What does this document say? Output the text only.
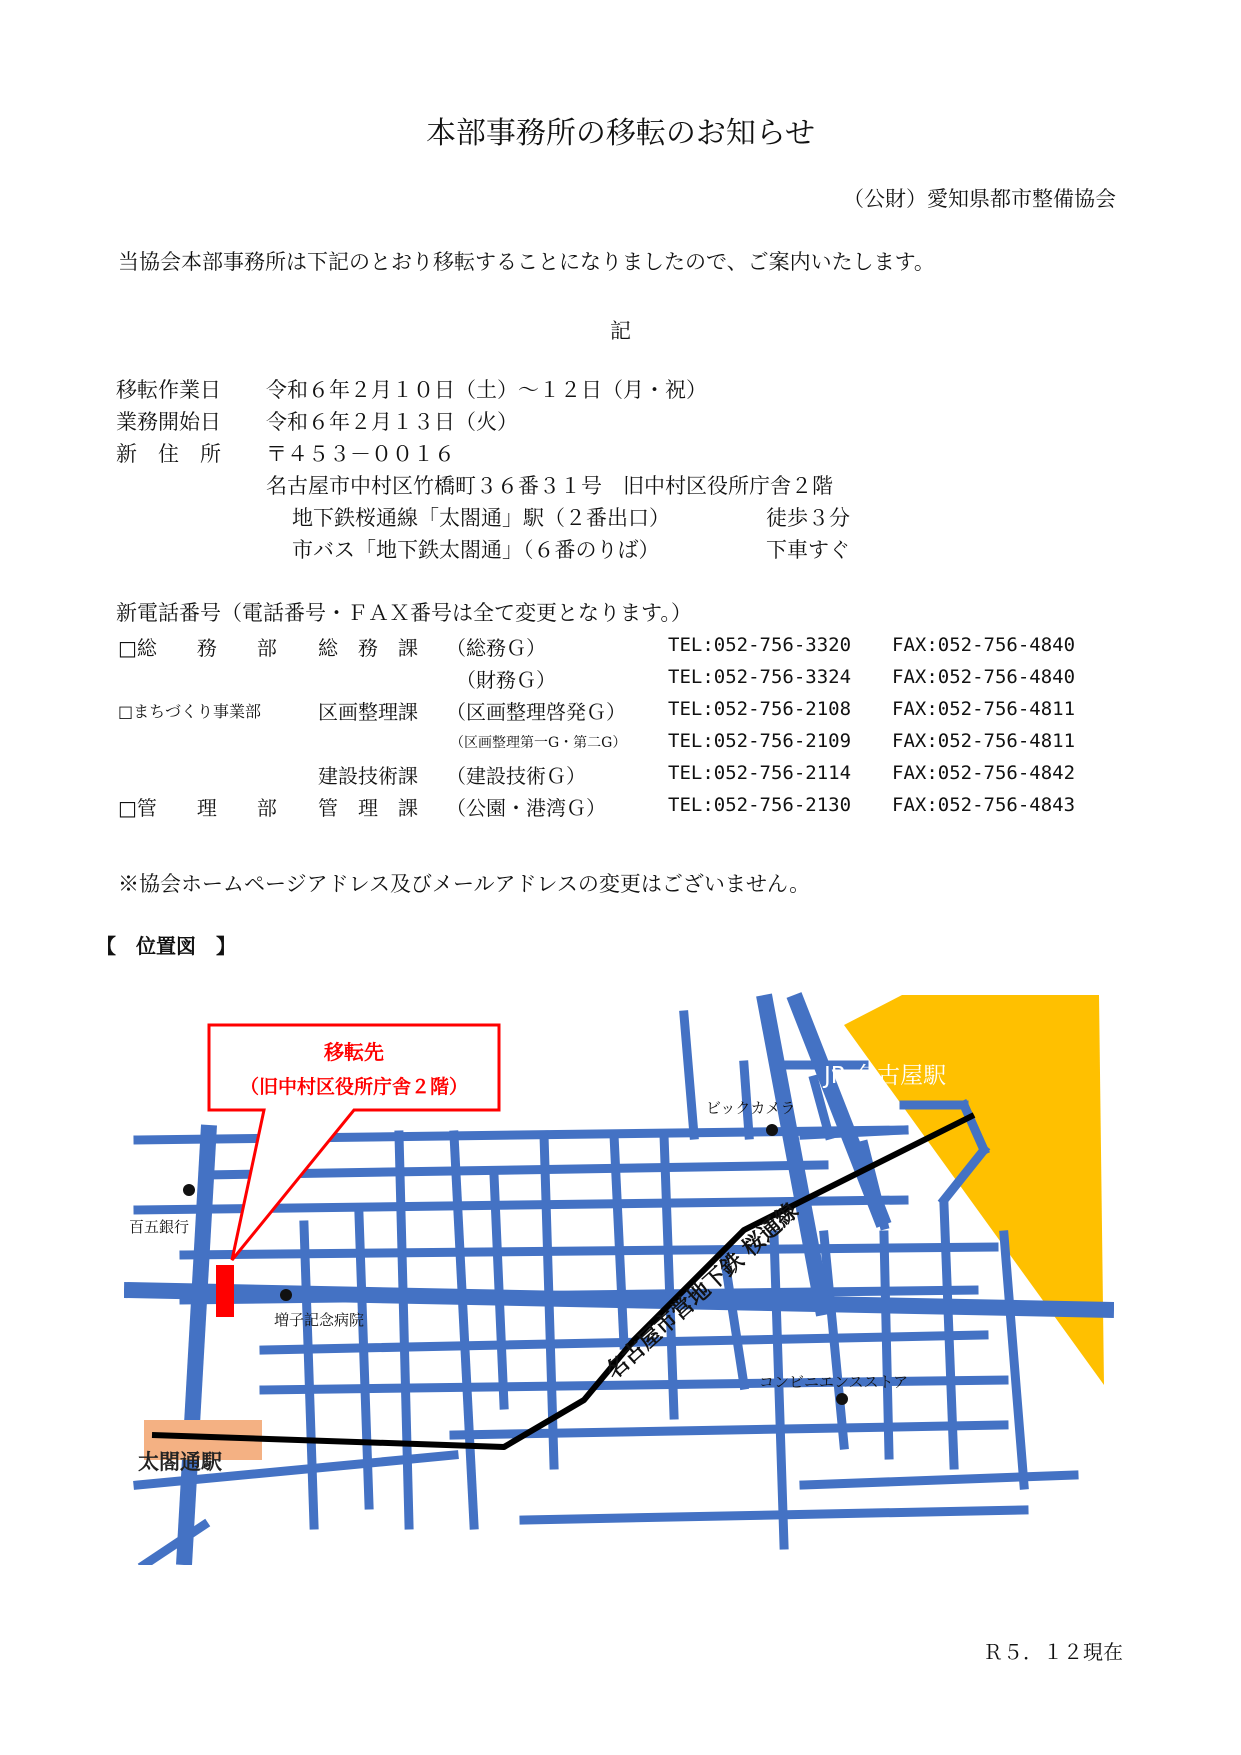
本部事務所の移転のお知らせ
（公財）愛知県都市整備協会
当協会本部事務所は下記のとおり移転することになりましたので、ご案内いたします。
記
移転作業日 令和６年２月１０日（土）～１２日（月・祝）
業務開始日 令和６年２月１３日（火）
新　住　所 〒４５３－００１６
名古屋市中村区竹橋町３６番３１号　旧中村区役所庁舎２階
地下鉄桜通線「太閤通」駅（２番出口）	徒歩３分
市バス「地下鉄太閤通」（６番のりば）	下車すぐ
新電話番号（電話番号・ＦＡＸ番号は全て変更となります。）
□総　　務　　部 総　務　課 （総務Ｇ）	TEL:052-756-3320 FAX:052-756-4840
（財務Ｇ）	TEL:052-756-3324 FAX:052-756-4840
□まちづくり事業部	区画整理課 （区画整理啓発Ｇ） TEL:052-756-2108 FAX:052-756-4811
（区画整理第一G・第二G） TEL:052-756-2109 FAX:052-756-4811
建設技術課 （建設技術Ｇ）	TEL:052-756-2114 FAX:052-756-4842
□管　　理　　部 管　理　課 （公園・港湾Ｇ）	TEL:052-756-2130 FAX:052-756-4843
※協会ホームページアドレス及びメールアドレスの変更はございません。
【　位置図　】
移転先
（旧中村区役所庁舎２階）
太閤通駅
名古屋市営地下鉄 桜通線
百五銀行
増子記念病院
ビックカメラ
コンビニエンスストア
JR 名古屋駅
Ｒ５．１２現在
